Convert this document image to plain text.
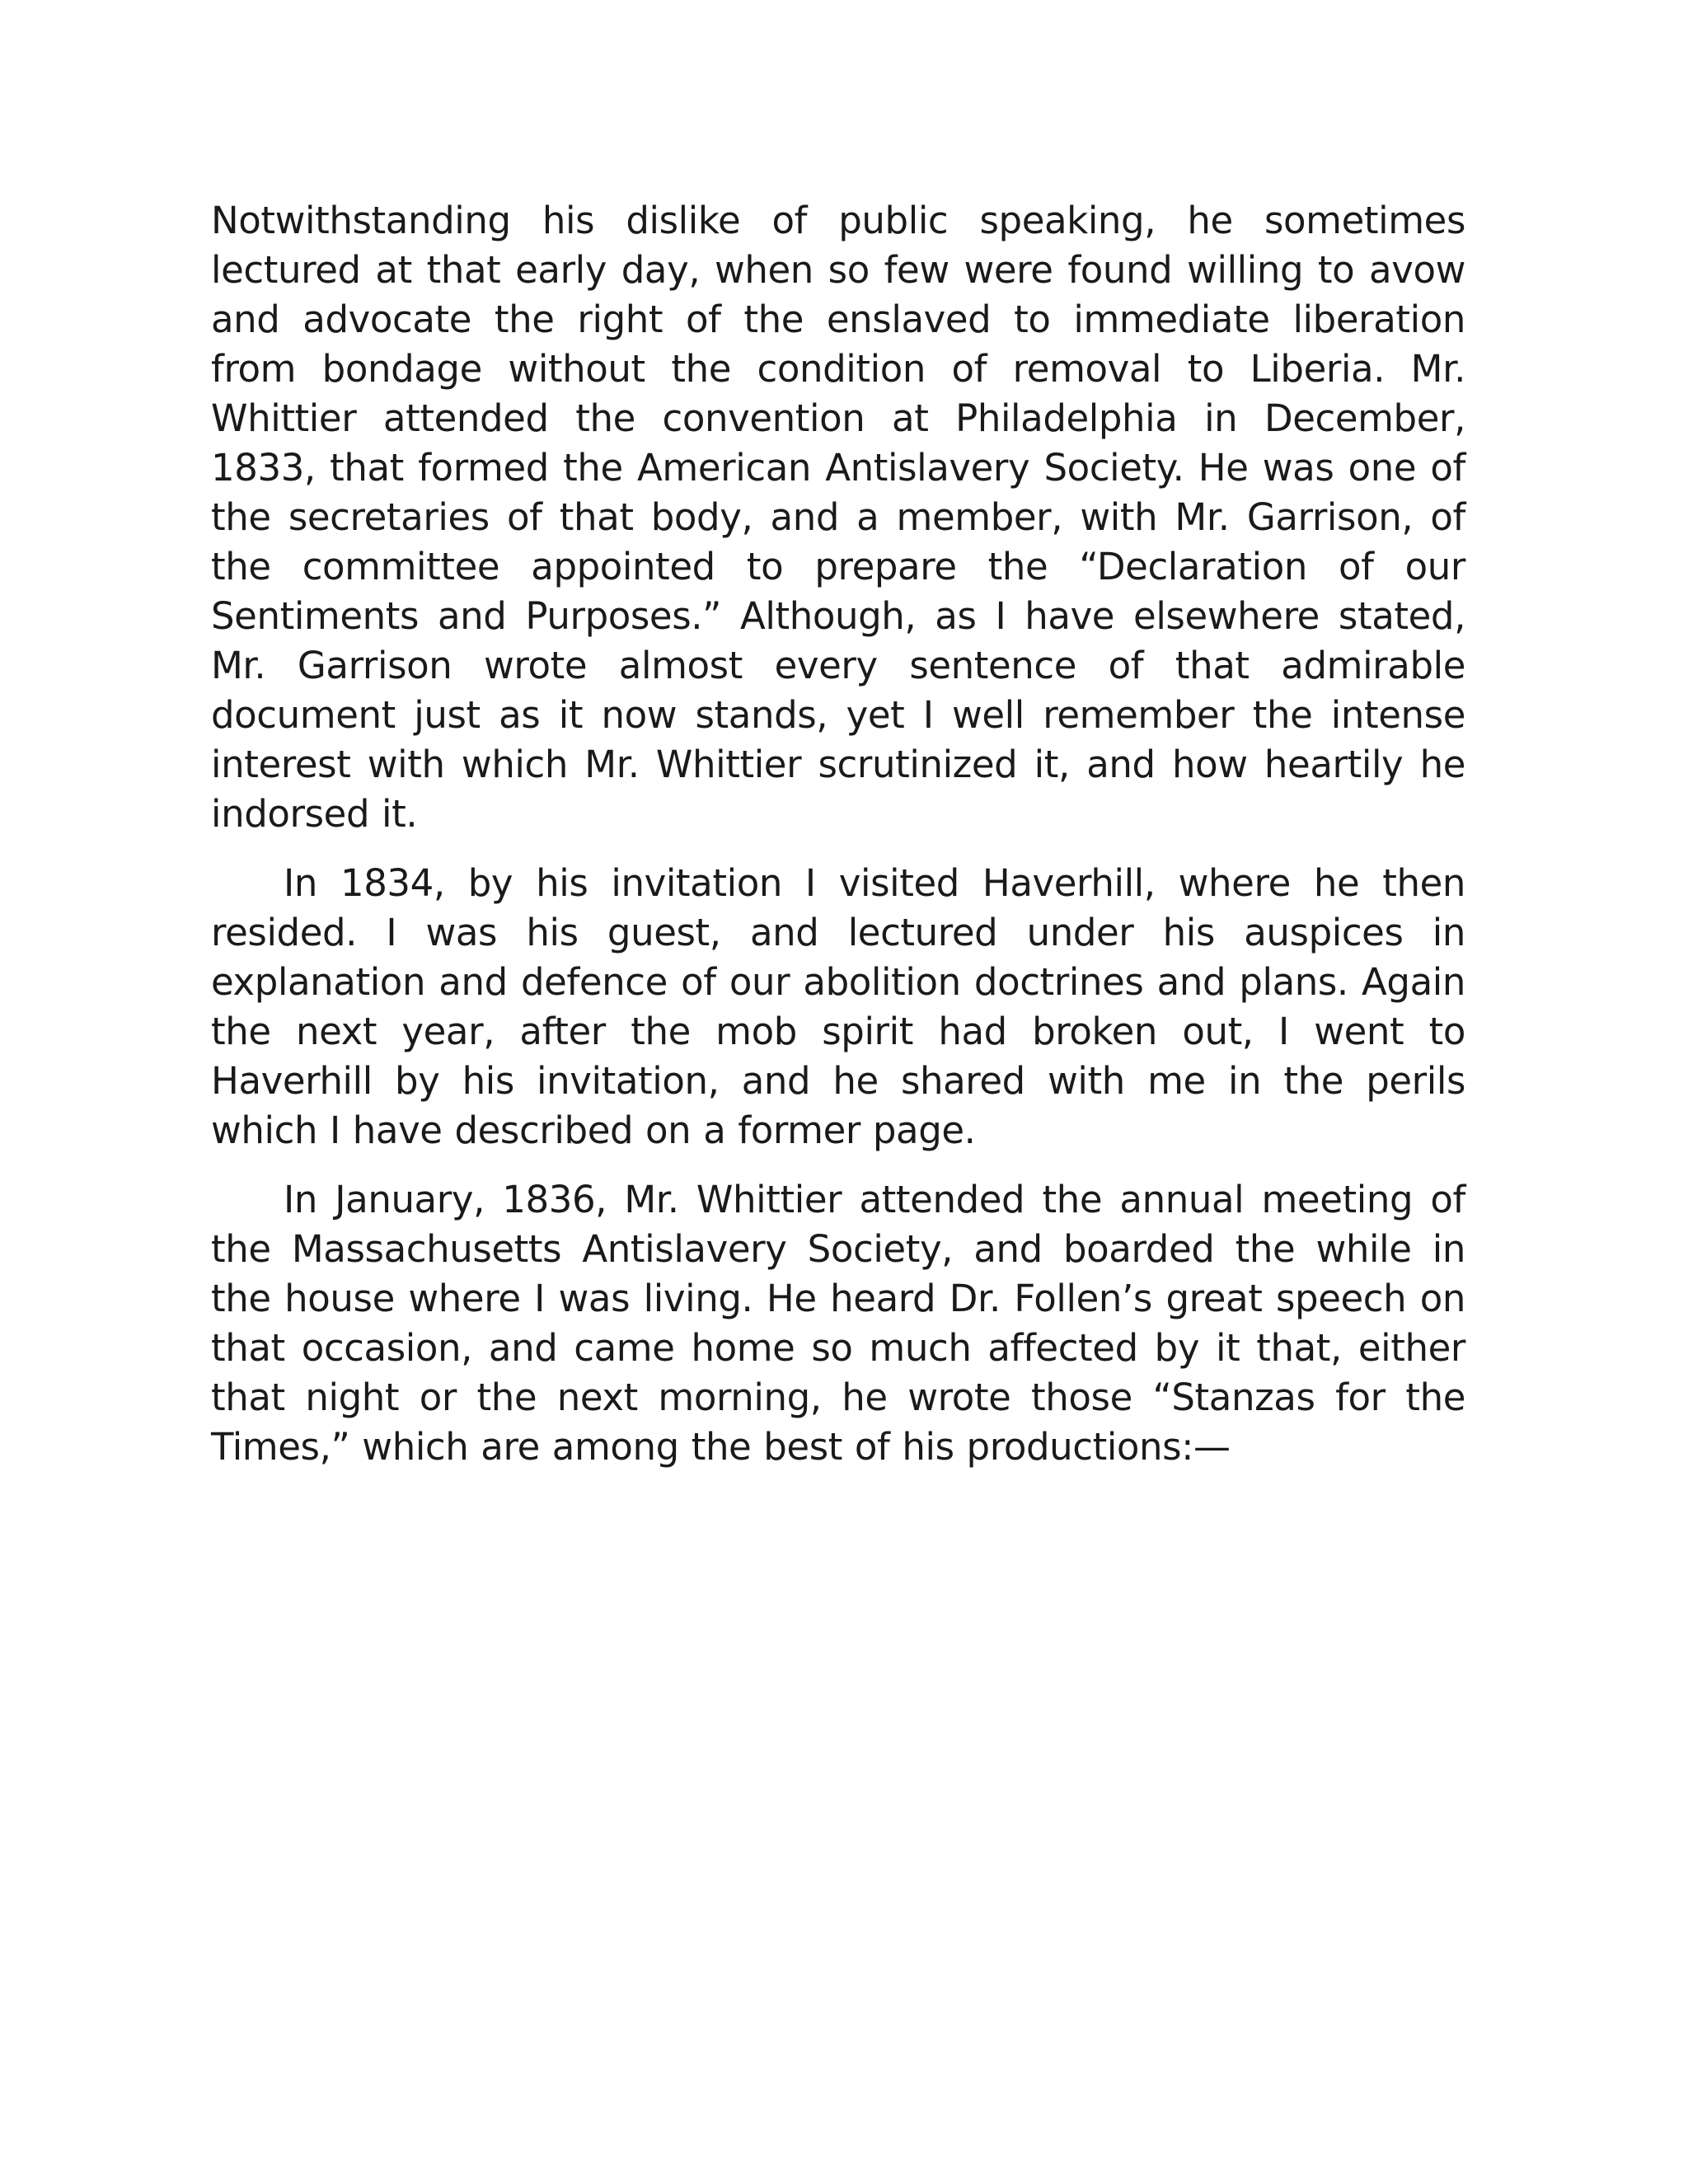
Notwithstanding his dislike of public speaking, he sometimes lectured at that early day, when so few were found willing to avow and advocate the right of the enslaved to immediate liberation from bondage without the condition of removal to Liberia. Mr. Whittier attended the convention at Philadelphia in December, 1833, that formed the American Antislavery Society. He was one of the secretaries of that body, and a member, with Mr. Garrison, of the committee appointed to prepare the “Declaration of our Sentiments and Purposes.” Although, as I have elsewhere stated, Mr. Garrison wrote almost every sentence of that admirable document just as it now stands, yet I well remember the intense interest with which Mr. Whittier scrutinized it, and how heartily he indorsed it.

In 1834, by his invitation I visited Haverhill, where he then resided. I was his guest, and lectured under his auspices in explanation and defence of our abolition doctrines and plans. Again the next year, after the mob spirit had broken out, I went to Haverhill by his invitation, and he shared with me in the perils which I have described on a former page.

In January, 1836, Mr. Whittier attended the annual meeting of the Massachusetts Antislavery Society, and boarded the while in the house where I was living. He heard Dr. Follen’s great speech on that occasion, and came home so much affected by it that, either that night or the next morning, he wrote those “Stanzas for the Times,” which are among the best of his productions:—
